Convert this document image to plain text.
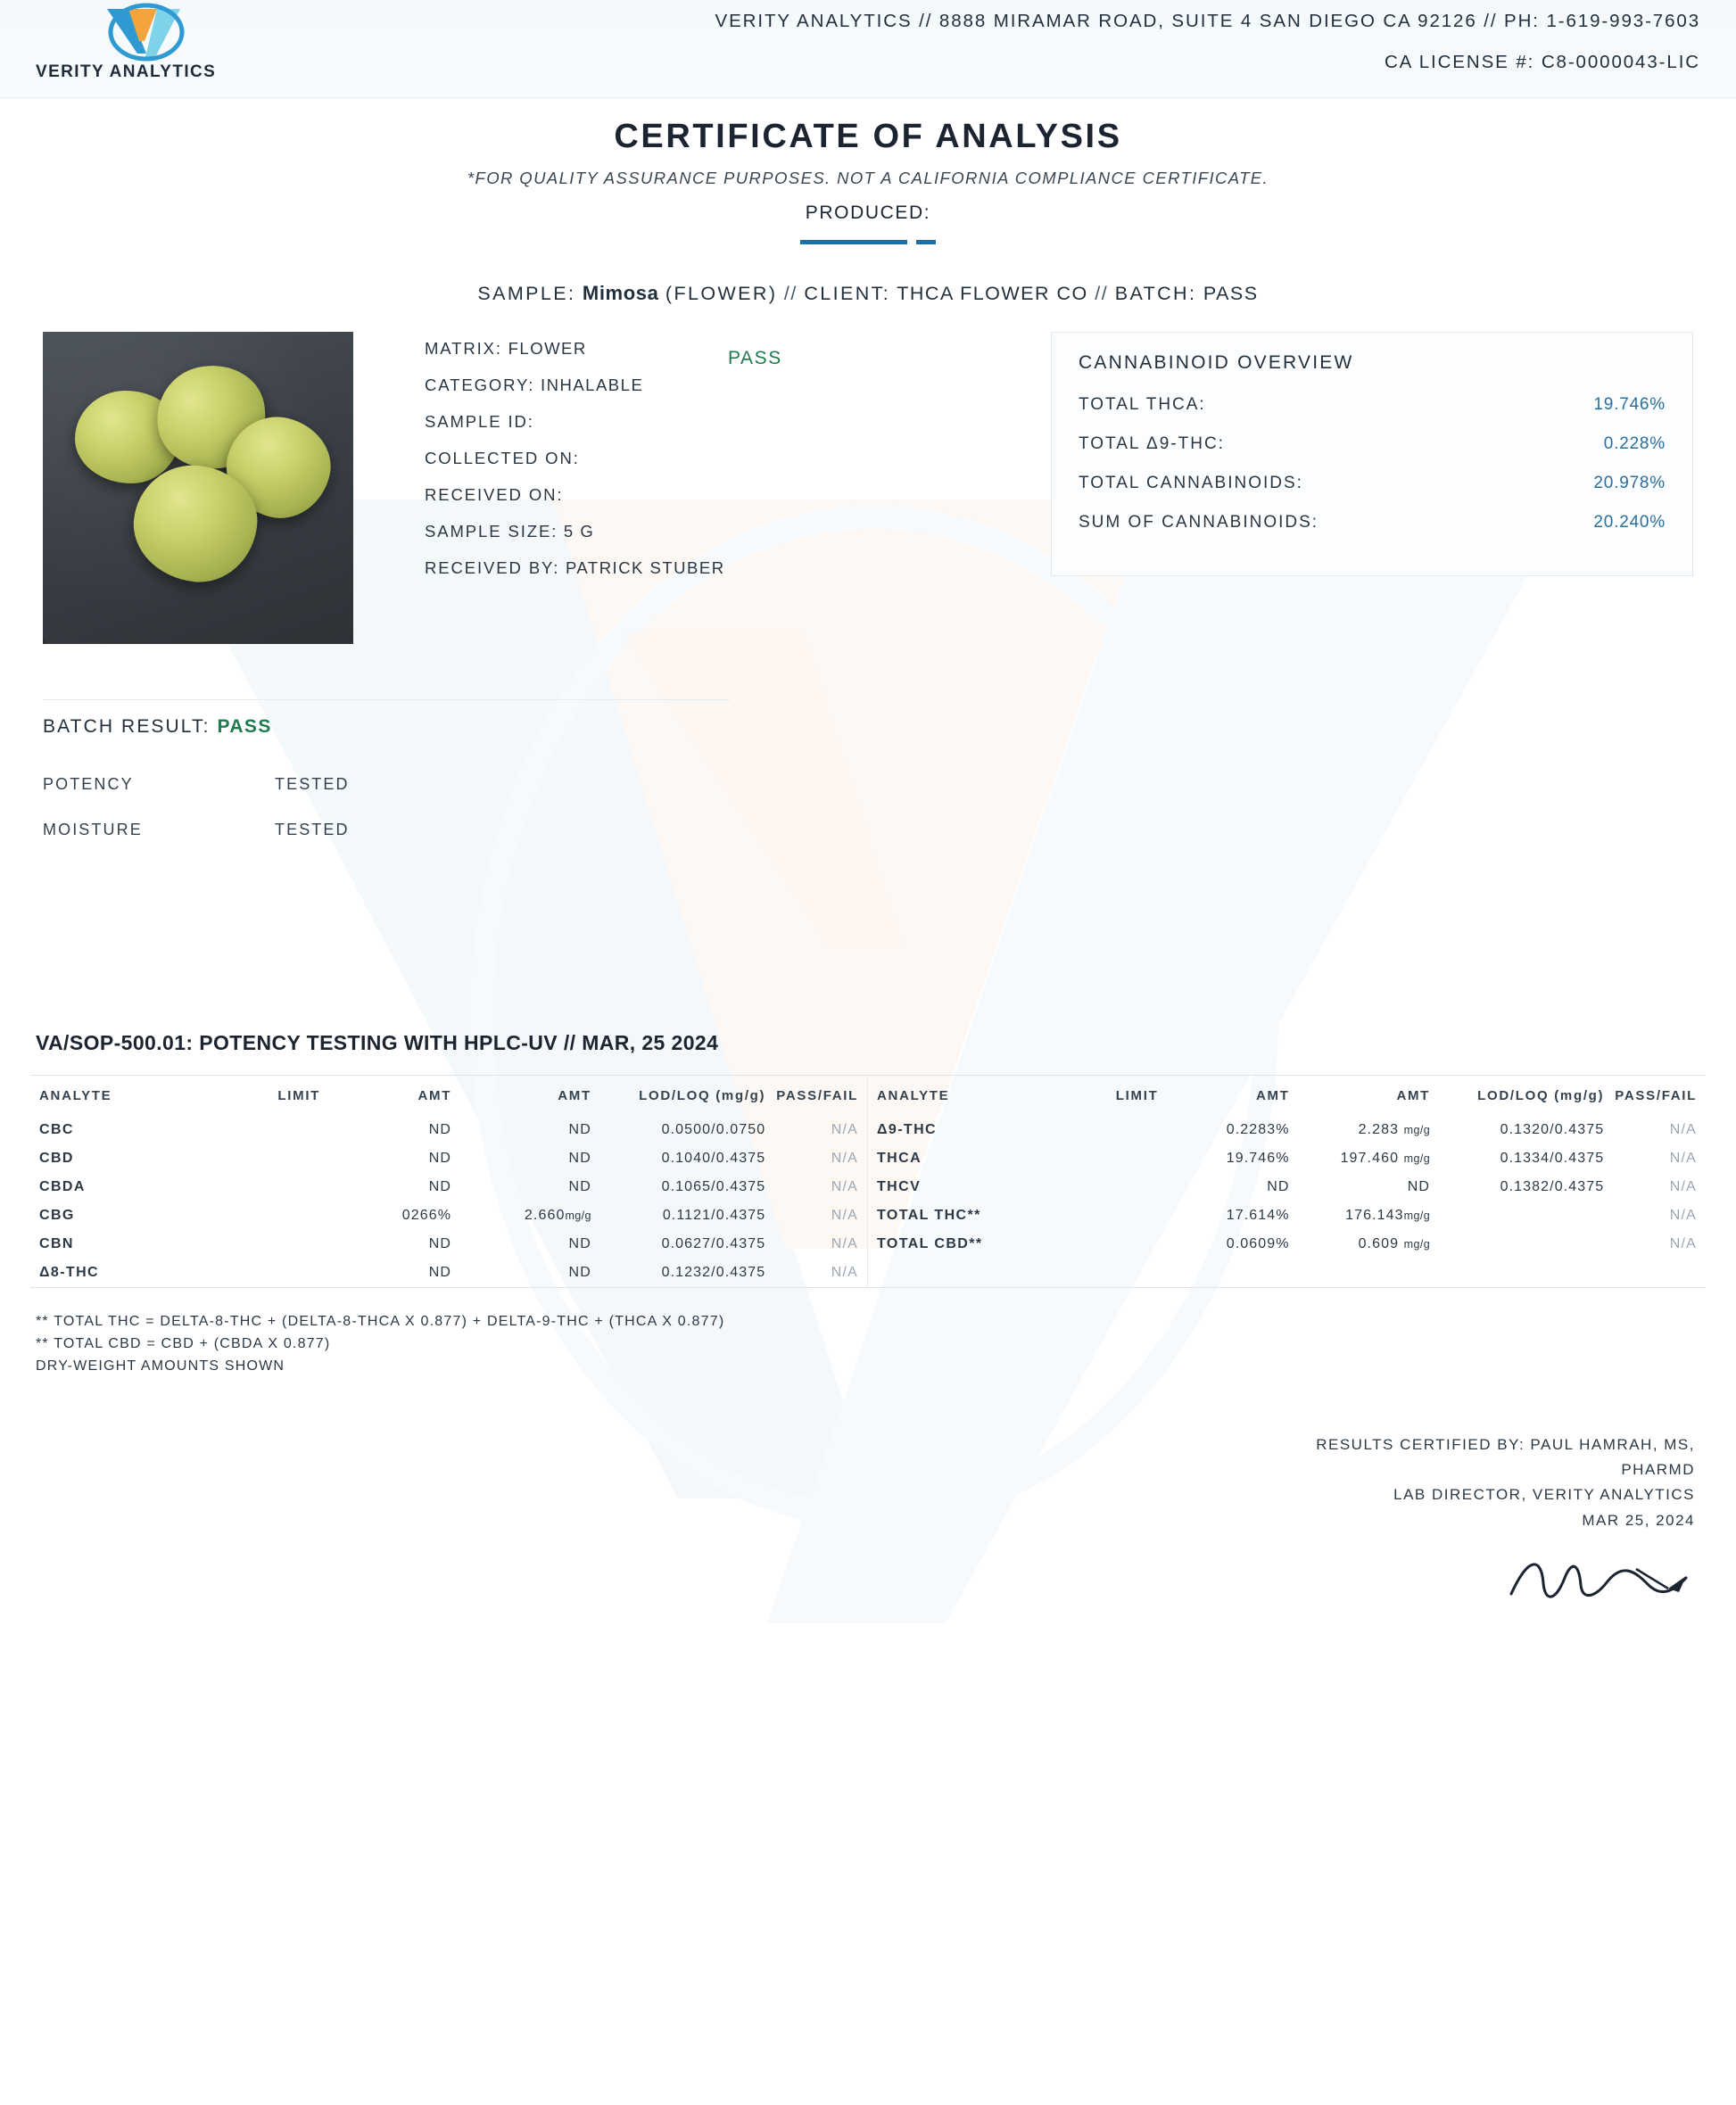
VERITY ANALYTICS
VERITY ANALYTICS // 8888 MIRAMAR ROAD, SUITE 4 SAN DIEGO CA 92126 // PH: 1-619-993-7603
CA LICENSE #: C8-0000043-LIC
CERTIFICATE OF ANALYSIS
*FOR QUALITY ASSURANCE PURPOSES. NOT A CALIFORNIA COMPLIANCE CERTIFICATE.
PRODUCED:
SAMPLE: Mimosa (FLOWER) // CLIENT: THCA FLOWER CO // BATCH: PASS
PASS
MATRIX: FLOWER
CATEGORY: INHALABLE
SAMPLE ID:
COLLECTED ON:
RECEIVED ON:
SAMPLE SIZE: 5 G
RECEIVED BY: PATRICK STUBER
CANNABINOID OVERVIEW
TOTAL THCA:	19.746%
TOTAL Δ9-THC:	0.228%
TOTAL CANNABINOIDS:	20.978%
SUM OF CANNABINOIDS:	20.240%
BATCH RESULT: PASS
POTENCY	TESTED
MOISTURE	TESTED
VA/SOP-500.01: POTENCY TESTING WITH HPLC-UV // MAR, 25 2024
ANALYTE	LIMIT	AMT	AMT	LOD/LOQ (mg/g)	PASS/FAIL
CBC		ND	ND	0.0500/0.0750	N/A
CBD		ND	ND	0.1040/0.4375	N/A
CBDA		ND	ND	0.1065/0.4375	N/A
CBG		0266%	2.660mg/g	0.1121/0.4375	N/A
CBN		ND	ND	0.0627/0.4375	N/A
Δ8-THC		ND	ND	0.1232/0.4375	N/A
ANALYTE	LIMIT	AMT	AMT	LOD/LOQ (mg/g)	PASS/FAIL
Δ9-THC		0.2283%	2.283 mg/g	0.1320/0.4375	N/A
THCA		19.746%	197.460 mg/g	0.1334/0.4375	N/A
THCV		ND	ND	0.1382/0.4375	N/A
TOTAL THC**		17.614%	176.143mg/g		N/A
TOTAL CBD**		0.0609%	0.609 mg/g		N/A
** TOTAL THC = DELTA-8-THC + (DELTA-8-THCA X 0.877) + DELTA-9-THC + (THCA X 0.877)
** TOTAL CBD = CBD + (CBDA X 0.877)
DRY-WEIGHT AMOUNTS SHOWN
RESULTS CERTIFIED BY: PAUL HAMRAH, MS,
PHARMD
LAB DIRECTOR, VERITY ANALYTICS
MAR 25, 2024
